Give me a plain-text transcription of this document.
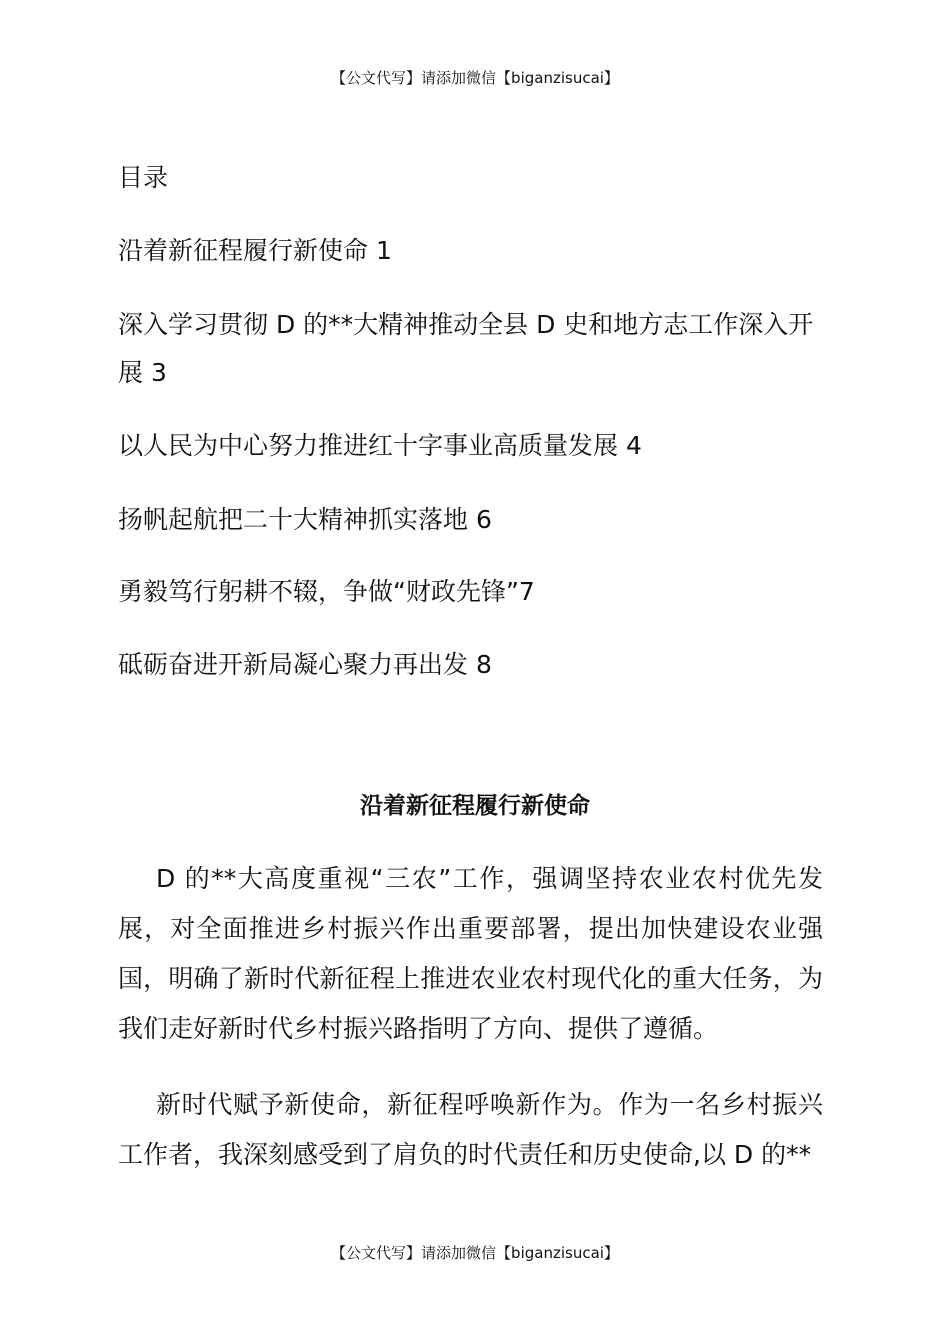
【公文代写】请添加微信【biganzisucai】

目录

沿着新征程履行新使命 1

深入学习贯彻 D 的**大精神推动全县 D 史和地方志工作深入开展 3

以人民为中心努力推进红十字事业高质量发展 4

扬帆起航把二十大精神抓实落地 6

勇毅笃行躬耕不辍，争做“财政先锋”7

砥砺奋进开新局凝心聚力再出发 8

沿着新征程履行新使命

D 的**大高度重视“三农”工作，强调坚持农业农村优先发展，对全面推进乡村振兴作出重要部署，提出加快建设农业强国，明确了新时代新征程上推进农业农村现代化的重大任务，为我们走好新时代乡村振兴路指明了方向、提供了遵循。

新时代赋予新使命，新征程呼唤新作为。作为一名乡村振兴工作者，我深刻感受到了肩负的时代责任和历史使命,以 D 的**

【公文代写】请添加微信【biganzisucai】
